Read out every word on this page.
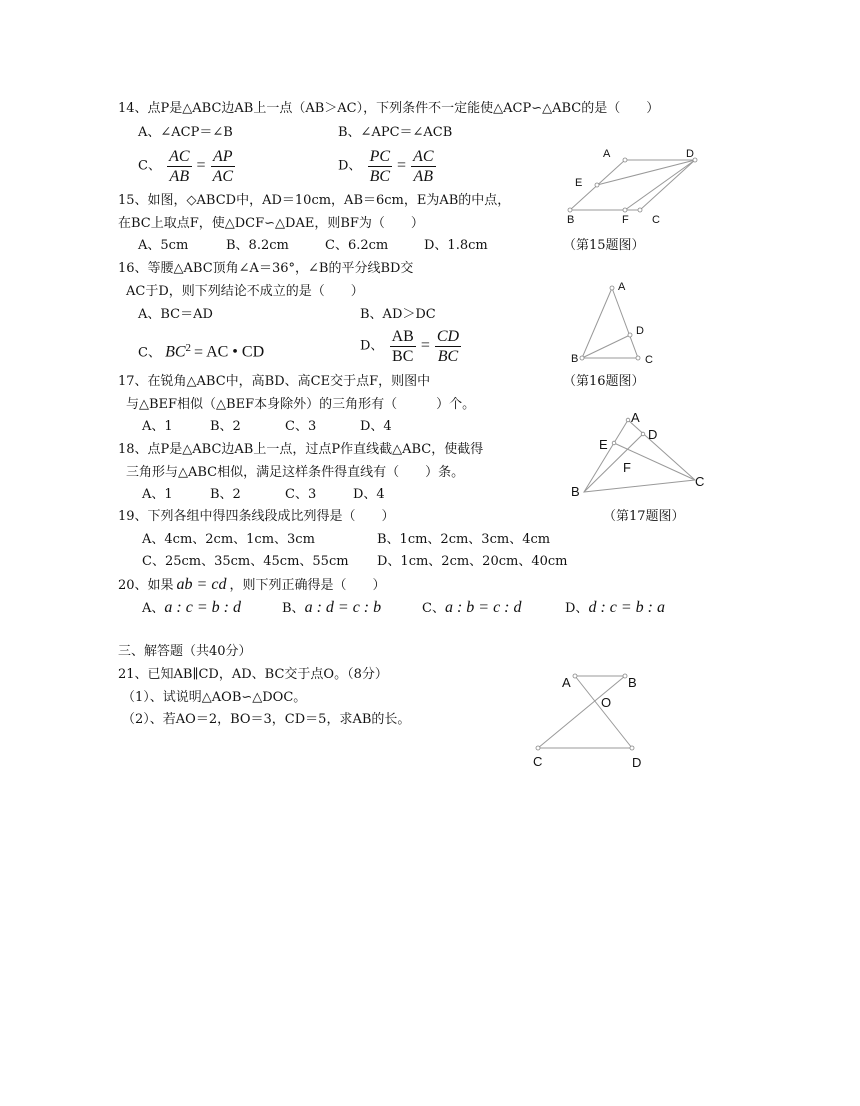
14、点P是△ABC边AB上一点（AB＞AC），下列条件不一定能使△ACP∽△ABC的是（　　）
A、∠ACP＝∠B	B、∠APC＝∠ACB
C、 $\frac{AC}{AB} = \frac{AP}{AC}$	D、 $\frac{PC}{BC} = \frac{AC}{AB}$
15、如图，◇ABCD中，AD＝10cm，AB＝6cm，E为AB的中点，
在BC上取点F，使△DCF∽△DAE，则BF为（　　）
A、5cm	B、8.2cm	C、6.2cm	D、1.8cm
A	D
E
B	F C
（第15题图）
16、等腰△ABC顶角∠A＝36°，∠B的平分线BD交
AC于D，则下列结论不成立的是（　　）
A、BC＝AD	B、AD＞DC
C、 $BC^2$ = AC • CD	D、 $\frac{AB}{BC} = \frac{CD}{BC}$
A
D
B	C
17、在锐角△ABC中，高BD、高CE交于点F，则图中
与△BEF相似（△BEF本身除外）的三角形有（　　　）个。
A、1	B、2	C、3	D、4
（第16题图）
A
D
E
F
B
C
（第17题图）
18、点P是△ABC边AB上一点，过点P作直线截△ABC，使截得
三角形与△ABC相似，满足这样条件得直线有（　　）条。
A、1	B、2	C、3	D、4
19、下列各组中得四条线段成比列得是（　　）
A、4cm、2cm、1cm、3cm	B、1cm、2cm、3cm、4cm
C、25cm、35cm、45cm、55cm D、1cm、2cm、20cm、40cm
20、如果 ab = cd ，则下列正确得是（　　）
A、a : c = b : d	B、a : d = c : b	C、a : b = c : d	D、d : c = b : a
三、解答题（共40分）
21、已知AB∥CD，AD、BC交于点O。（8分）
（1）、试说明△AOB∽△DOC。
（2）、若AO＝2，BO＝3，CD＝5，求AB的长。
A	B
O
C	D
